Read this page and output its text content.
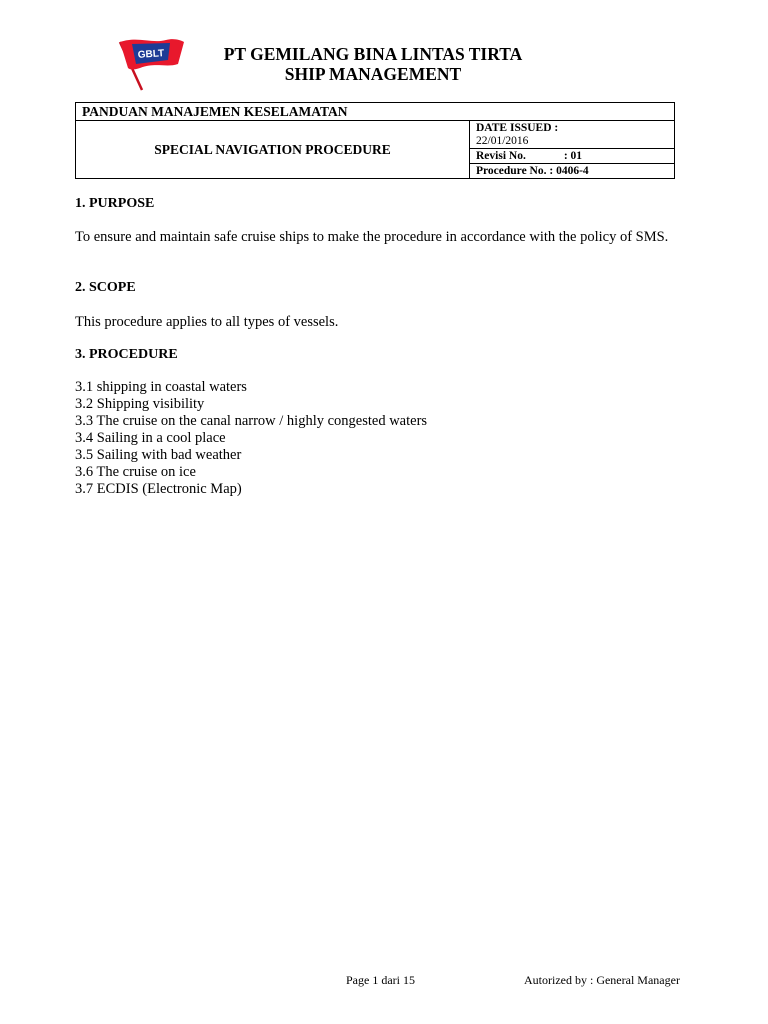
GBLT	PT GEMILANG BINA LINTAS TIRTA
SHIP MANAGEMENT
PANDUAN MANAJEMEN KESELAMATAN
SPECIAL NAVIGATION PROCEDURE	
DATE ISSUED :
22/01/2016

Revisi No.	: 01
Procedure No. : 0406-4
1. PURPOSE
To ensure and maintain safe cruise ships to make the procedure in accordance with the policy of SMS.
2. SCOPE
This procedure applies to all types of vessels.
3. PROCEDURE
3.1 shipping in coastal waters
3.2 Shipping visibility
3.3 The cruise on the canal narrow / highly congested waters
3.4 Sailing in a cool place
3.5 Sailing with bad weather
3.6 The cruise on ice
3.7 ECDIS (Electronic Map)
Page 1 dari 15	Autorized by : General Manager
